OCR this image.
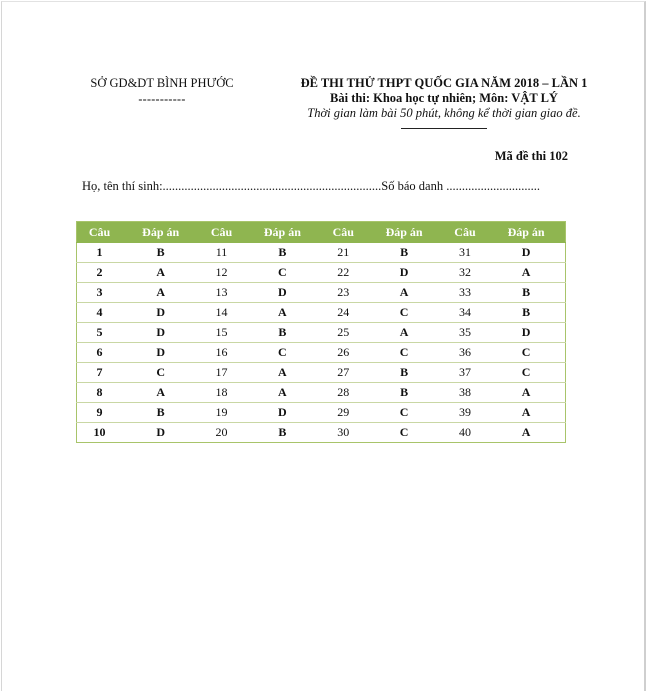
SỞ GD&DT BÌNH PHƯỚC
-----------
ĐỀ THI THỬ THPT QUỐC GIA NĂM 2018 – LẦN 1
Bài thi: Khoa học tự nhiên; Môn: VẬT LÝ
Thời gian làm bài 50 phút, không kể thời gian giao đề.
Mã đề thi 102
Họ, tên thí sinh:......................................................................Số báo danh ..............................
Câu	Đáp án	Câu	Đáp án	Câu	Đáp án	Câu	Đáp án
1	B	11	B	21	B	31	D
2	A	12	C	22	D	32	A
3	A	13	D	23	A	33	B
4	D	14	A	24	C	34	B
5	D	15	B	25	A	35	D
6	D	16	C	26	C	36	C
7	C	17	A	27	B	37	C
8	A	18	A	28	B	38	A
9	B	19	D	29	C	39	A
10	D	20	B	30	C	40	A
